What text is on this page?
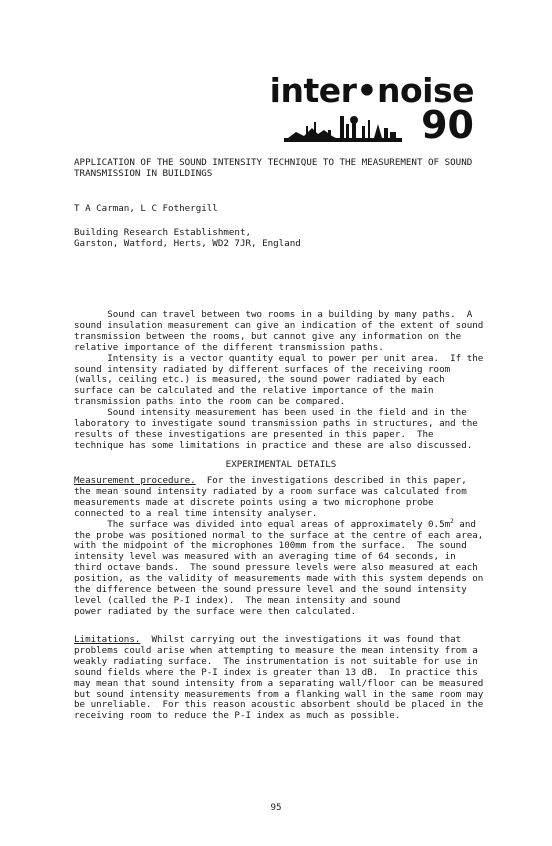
inter•noise
90
APPLICATION OF THE SOUND INTENSITY TECHNIQUE TO THE MEASUREMENT OF SOUND
TRANSMISSION IN BUILDINGS
T A Carman, L C Fothergill
Building Research Establishment,
Garston, Watford, Herts, WD2 7JR, England
Sound can travel between two rooms in a building by many paths.  A
sound insulation measurement can give an indication of the extent of sound
transmission between the rooms, but cannot give any information on the
relative importance of the different transmission paths.
Intensity is a vector quantity equal to power per unit area.  If the
sound intensity radiated by different surfaces of the receiving room
(walls, ceiling etc.) is measured, the sound power radiated by each
surface can be calculated and the relative importance of the main
transmission paths into the room can be compared.
Sound intensity measurement has been used in the field and in the
laboratory to investigate sound transmission paths in structures, and the
results of these investigations are presented in this paper.  The
technique has some limitations in practice and these are also discussed.
EXPERIMENTAL DETAILS
Measurement procedure.  For the investigations described in this paper,
the mean sound intensity radiated by a room surface was calculated from
measurements made at discrete points using a two microphone probe
connected to a real time intensity analyser.
The surface was divided into equal areas of approximately $0.5m^2$ and
the probe was positioned normal to the surface at the centre of each area,
with the midpoint of the microphones 100mm from the surface.  The sound
intensity level was measured with an averaging time of 64 seconds, in
third octave bands.  The sound pressure levels were also measured at each
position, as the validity of measurements made with this system depends on
the difference between the sound pressure level and the sound intensity
level (called the P-I index).  The mean intensity and sound
power radiated by the surface were then calculated.
Limitations.  Whilst carrying out the investigations it was found that
problems could arise when attempting to measure the mean intensity from a
weakly radiating surface.  The instrumentation is not suitable for use in
sound fields where the P-I index is greater than 13 dB.  In practice this
may mean that sound intensity from a separating wall/floor can be measured
but sound intensity measurements from a flanking wall in the same room may
be unreliable.  For this reason acoustic absorbent should be placed in the
receiving room to reduce the P-I index as much as possible.
95
